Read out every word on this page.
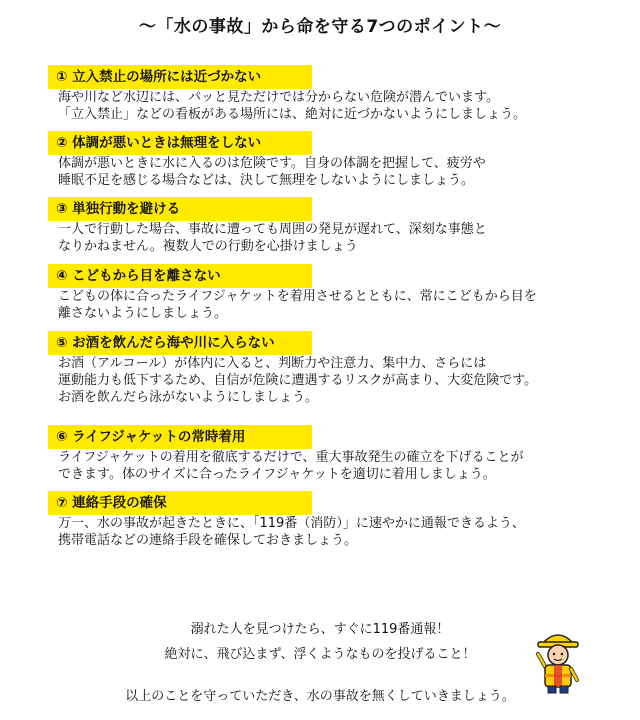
～「水の事故」から命を守る7つのポイント～
① 立入禁止の場所には近づかない
海や川など水辺には、パッと見ただけでは分からない危険が潜んでいます。
「立入禁止」などの看板がある場所には、絶対に近づかないようにしましょう。
② 体調が悪いときは無理をしない
体調が悪いときに水に入るのは危険です。自身の体調を把握して、疲労や
睡眠不足を感じる場合などは、決して無理をしないようにしましょう。
③ 単独行動を避ける
一人で行動した場合、事故に遭っても周囲の発見が遅れて、深刻な事態と
なりかねません。複数人での行動を心掛けましょう
④ こどもから目を離さない
こどもの体に合ったライフジャケットを着用させるとともに、常にこどもから目を
離さないようにしましょう。
⑤ お酒を飲んだら海や川に入らない
お酒（アルコール）が体内に入ると、判断力や注意力、集中力、さらには
運動能力も低下するため、自信が危険に遭遇するリスクが高まり、大変危険です。
お酒を飲んだら泳がないようにしましょう。
⑥ ライフジャケットの常時着用
ライフジャケットの着用を徹底するだけで、重大事故発生の確立を下げることが
できます。体のサイズに合ったライフジャケットを適切に着用しましょう。
⑦ 連絡手段の確保
万一、水の事故が起きたときに、「119番（消防）」に速やかに通報できるよう、
携帯電話などの連絡手段を確保しておきましょう。
溺れた人を見つけたら、すぐに119番通報！
絶対に、飛び込まず、浮くようなものを投げること！
以上のことを守っていただき、水の事故を無くしていきましょう。
